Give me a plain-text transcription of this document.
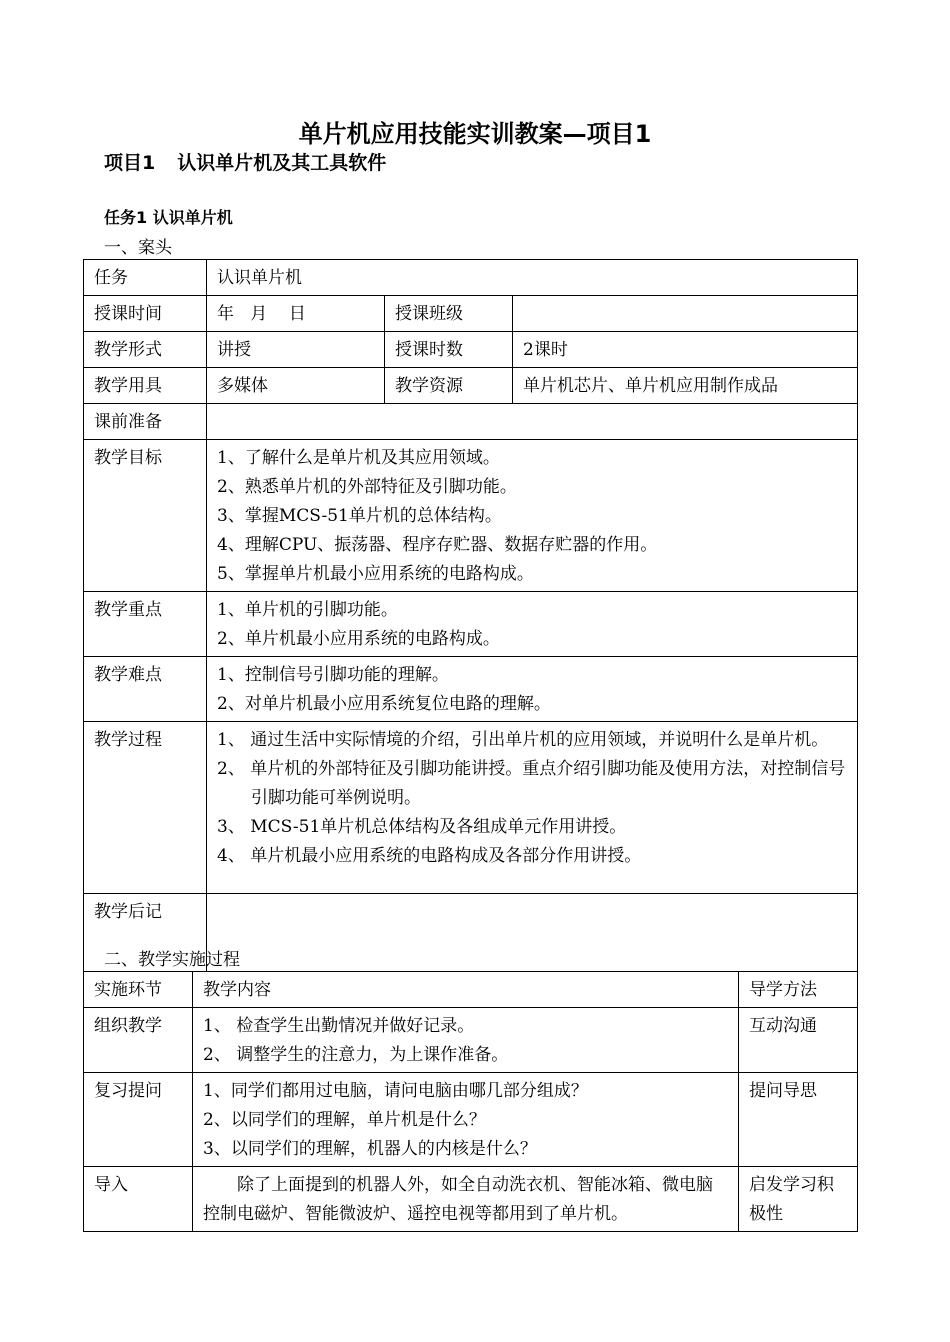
单片机应用技能实训教案—项目1
项目1 认识单片机及其工具软件
任务1 认识单片机
一、案头
任务	认识单片机		
授课时间	年   月    日	授课班级	
教学形式	讲授	授课时数	2课时
教学用具	多媒体	教学资源	单片机芯片、单片机应用制作成品
课前准备			
教学目标	1、了解什么是单片机及其应用领域。
2、熟悉单片机的外部特征及引脚功能。
3、掌握MCS-51单片机的总体结构。
4、理解CPU、振荡器、程序存贮器、数据存贮器的作用。
5、掌握单片机最小应用系统的电路构成。		

教学重点	1、单片机的引脚功能。
2、单片机最小应用系统的电路构成。		

教学难点	1、控制信号引脚功能的理解。
2、对单片机最小应用系统复位电路的理解。		

教学过程	1、 通过生活中实际情境的介绍，引出单片机的应用领域，并说明什么是单片机。
2、 单片机的外部特征及引脚功能讲授。重点介绍引脚功能及使用方法，对控制信号引脚功能可举例说明。
3、 MCS-51单片机总体结构及各组成单元作用讲授。
4、 单片机最小应用系统的电路构成及各部分作用讲授。		

教学后记			
二、教学实施过程
实施环节	教学内容	导学方法
组织教学	1、 检查学生出勤情况并做好记录。
2、 调整学生的注意力，为上课作准备。	互动沟通
复习提问	1、同学们都用过电脑，请问电脑由哪几部分组成？
2、以同学们的理解，单片机是什么？
3、以同学们的理解，机器人的内核是什么？	提问导思
导入	除了上面提到的机器人外，如全自动洗衣机、智能冰箱、微电脑控制电磁炉、智能微波炉、遥控电视等都用到了单片机。	启发学习积极性
